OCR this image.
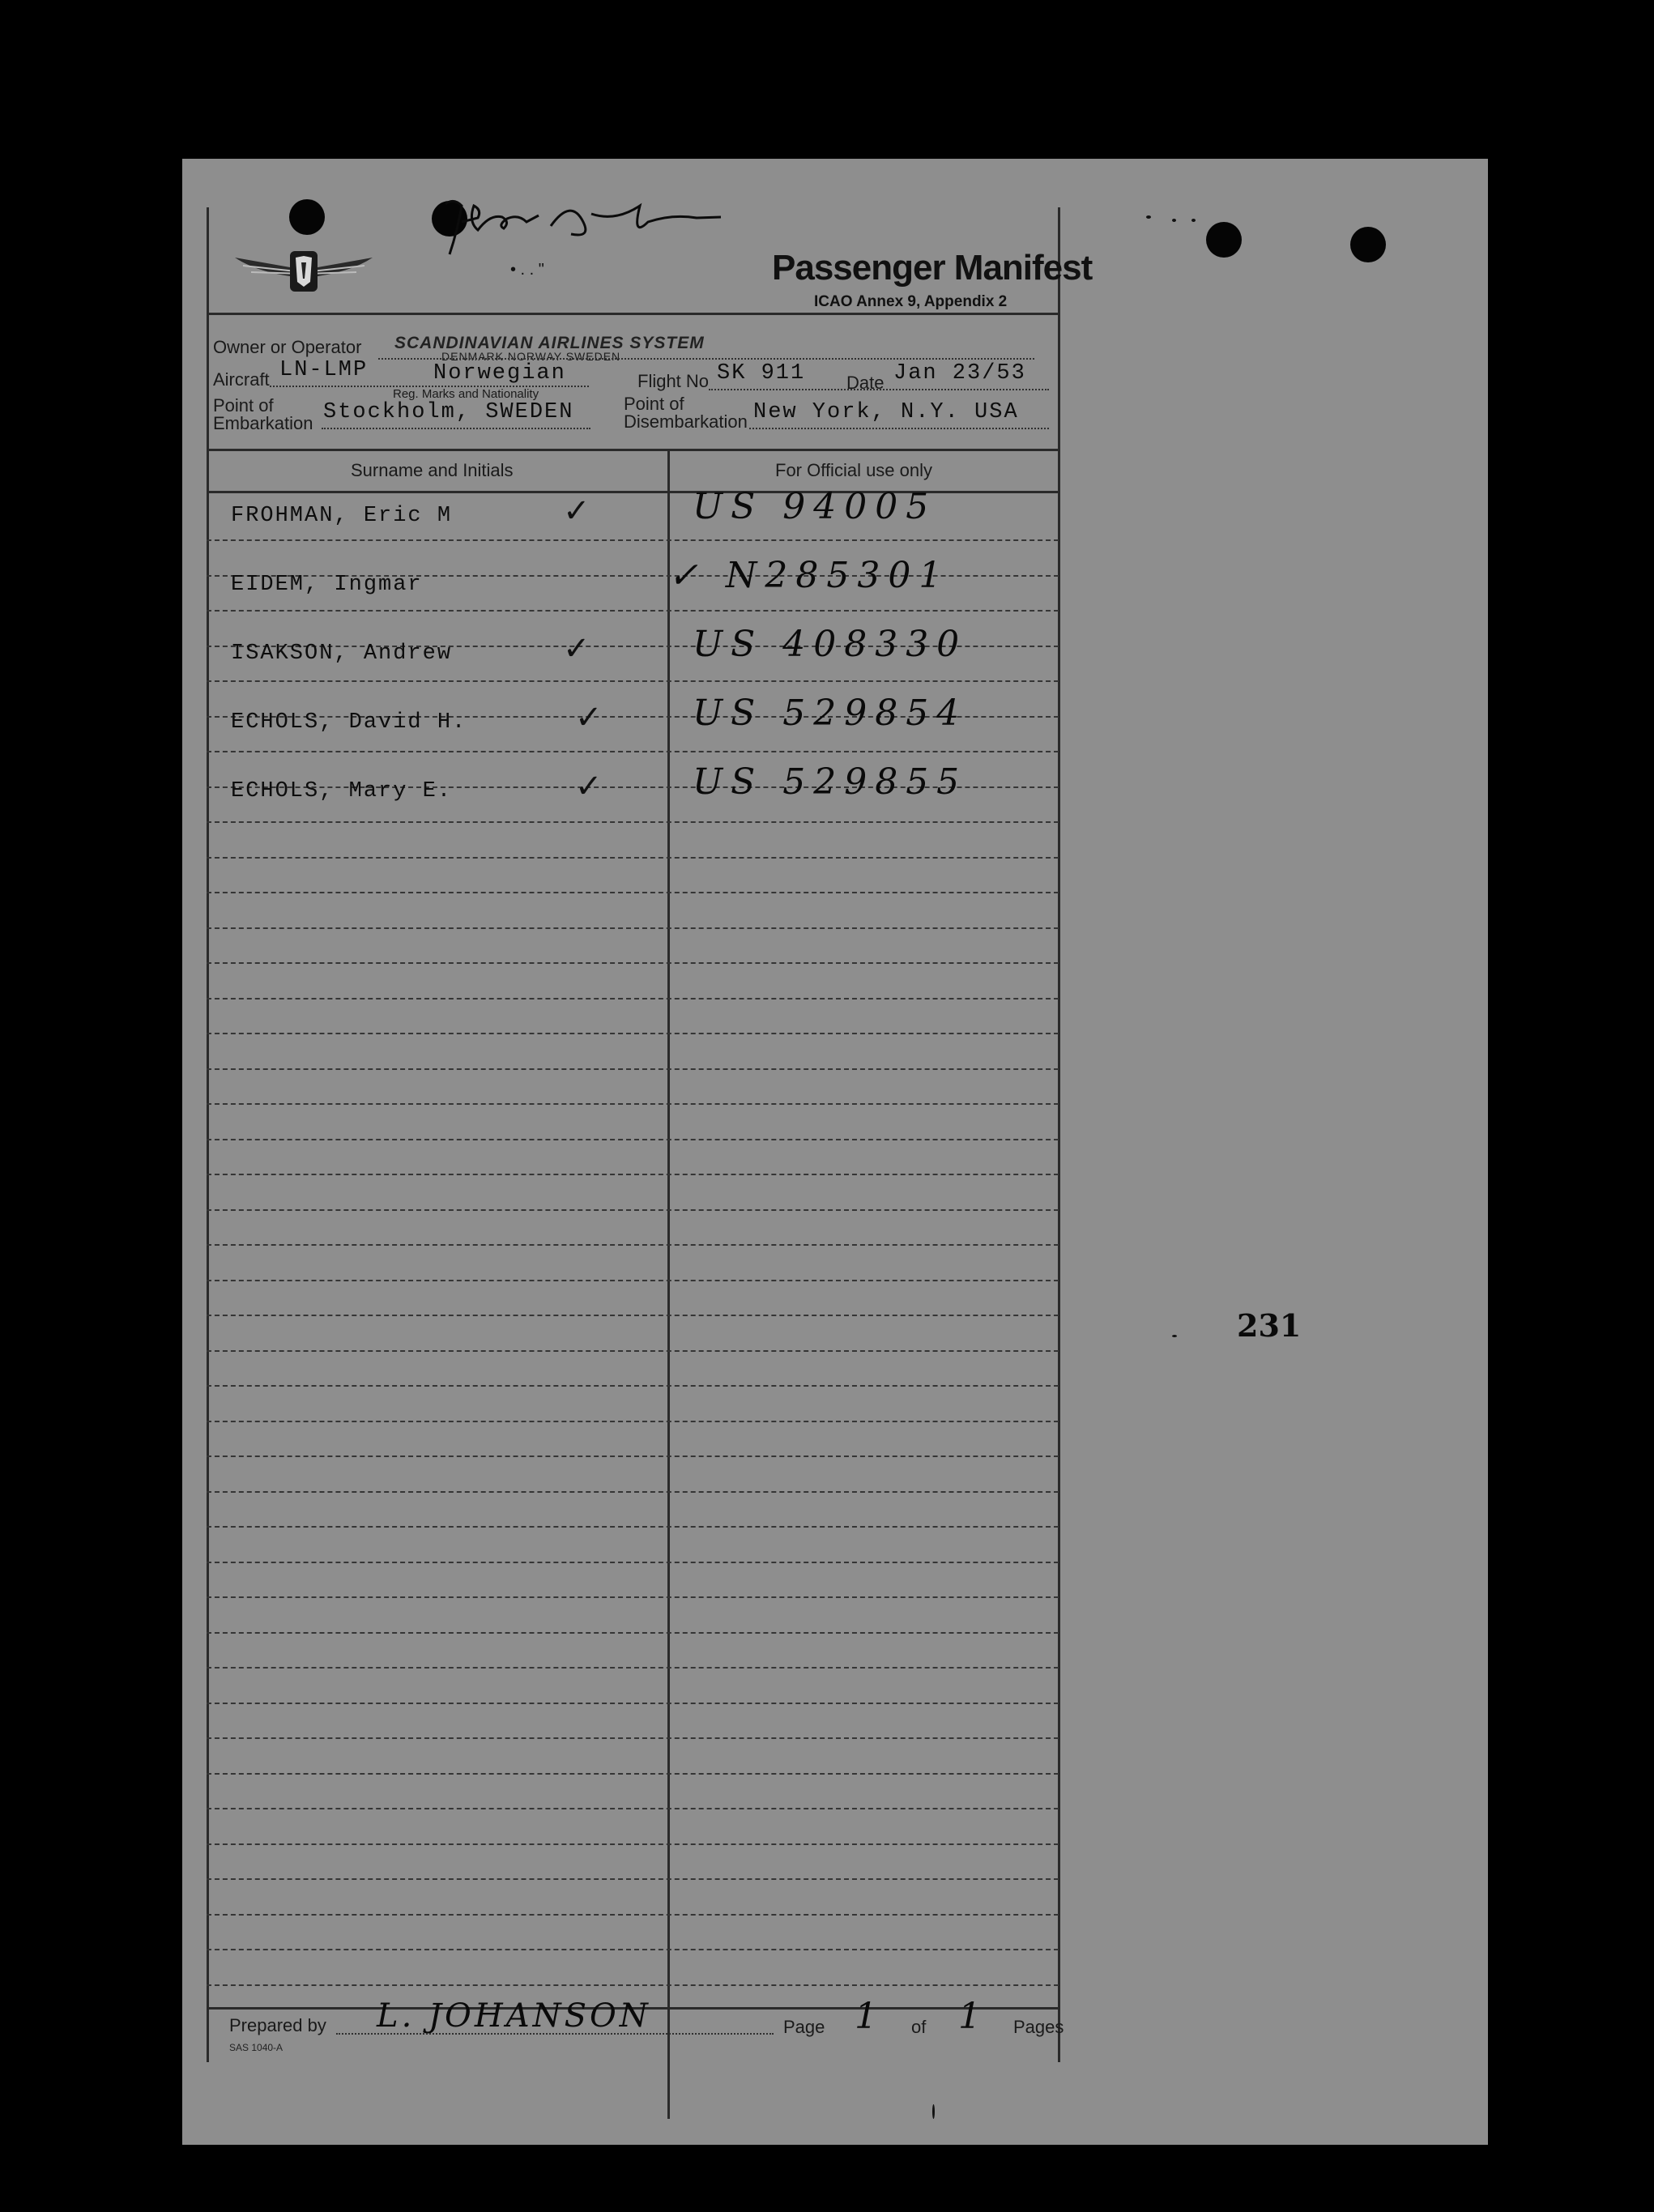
• . . "	Passenger Manifest
ICAO Annex 9, Appendix 2
Owner or Operator SCANDINAVIAN AIRLINES SYSTEM
DENMARK NORWAY SWEDEN
Aircraft LN-LMP	Norwegian
Reg. Marks and Nationality
Flight No SK 911 Date Jan 23/53
Point of
Embarkation Stockholm, SWEDEN	Point of
Disembarkation New York, N.Y. USA
Surname and Initials	For Official use only
Prepared by L. JOHANSON
SAS 1040-A
Page 1 of 1 Pages
231
FROHMAN, Eric M	✓	US 94005
EIDEM, Ingmar	✓ N285301
ISAKSON, Andrew	✓	US 408330
ECHOLS, David H.	✓	US 529854
ECHOLS, Mary E.	✓	US 529855
